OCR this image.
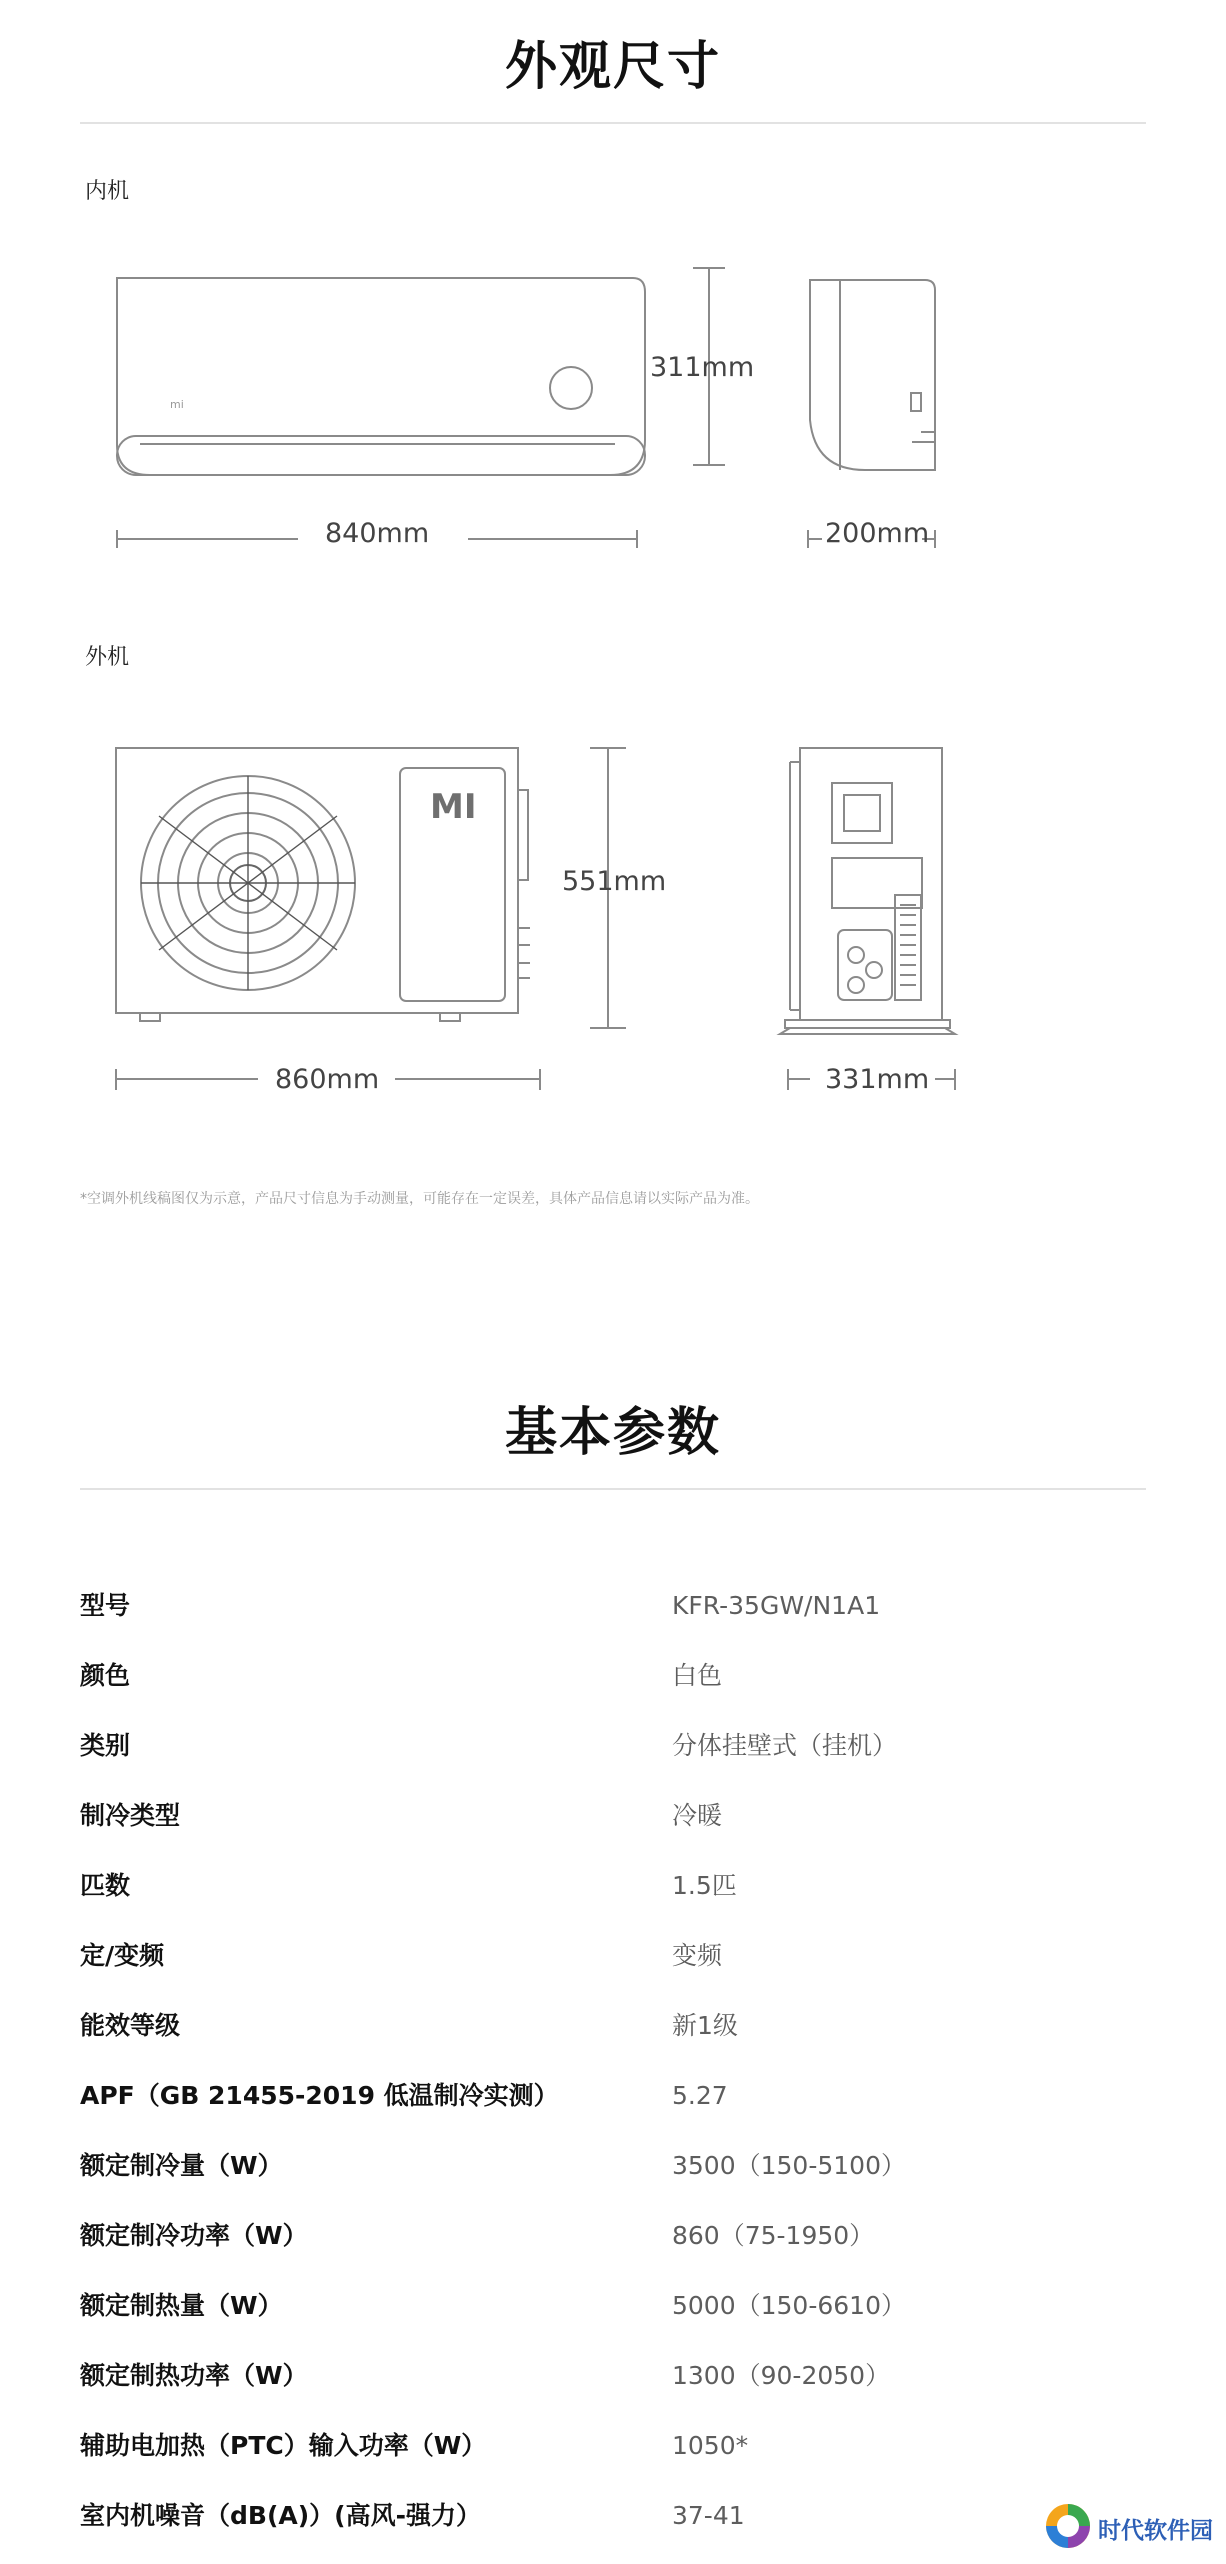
外观尺寸
内机
mi
311mm
840mm	200mm
外机
MI
551mm
860mm	331mm
*空调外机线稿图仅为示意，产品尺寸信息为手动测量，可能存在一定误差，具体产品信息请以实际产品为准。
基本参数
型号	KFR-35GW/N1A1
颜色	白色
类别	分体挂壁式（挂机）
制冷类型	冷暖
匹数	1.5匹
定/变频	变频
能效等级	新1级
APF（GB 21455-2019 低温制冷实测）	5.27
额定制冷量（W）	3500（150-5100）
额定制冷功率（W）	860（75-1950）
额定制热量（W）	5000（150-6610）
额定制热功率（W）	1300（90-2050）
辅助电加热（PTC）输入功率（W）	1050*
室内机噪音（dB(A)）(高风-强力）	37-41
时代软件园
